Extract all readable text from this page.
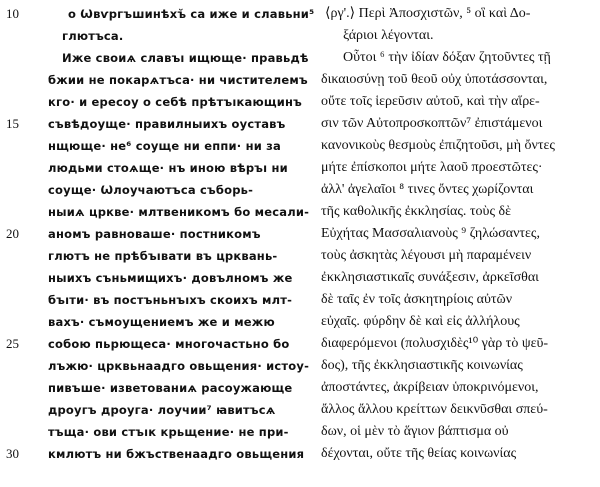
10	о Ѡвѵргъшинѣхъ̆ са иже и славьни⁵
глютъса.
Иже своиѧ славъı ищюще· правьдѣ
бжии не покарѧтъса· ни чистителемъ
кго· и ересоу о себѣ прѣтъıкающинъ
15	съвѣдоуще· правилныихъ оуставъ
нщюще· не⁶ соуще ни еппи· ни за
людьми стоѧще· нъ иною вѣръı ни
соуще· Ѡлоучаютъса съборь-
ныиѧ цркве· млтвеникомъ бо месали-
20	аномъ равноваше· постникомъ
глютъ не прѣбъıвати въ црквань-
ныихъ съньмищихъ· довълномъ же
бъıти· въ постъньнъıхъ скоихъ млт-
вахъ· съмоущениемъ же и межю
25	собою пьрющеса· многочастьно бо
лъжю· црквьнаадго овьщения· истоу-
пивъше· изветованиѧ расоужающе
дроугъ дроуга· лоучии⁷ ꙗвитъсѧ
тъща· ови стъıк крьщение· не при-
30	кмлютъ ни бжъственаадго овьщения
⟨ργ'.⟩ Περὶ Ἀποσχιστῶν, ⁵ οἳ καὶ Δο-
ξάριοι λέγονται.
Οὗτοι ⁶ τὴν ἰδίαν δόξαν ζητοῦντες τῇ
δικαιοσύνῃ τοῦ θεοῦ οὐχ ὑποτάσσονται,
οὔτε τοῖς ἱερεῦσιν αὐτοῦ, καὶ τὴν αἵρε-
σιν τῶν Αὐτοπροσκοπτῶν⁷ ἐπιστάμενοι
κανονικοὺς θεσμοὺς ἐπιζητοῦσι, μὴ ὄντες
μήτε ἐπίσκοποι μήτε λαοῦ προεστῶτες·
ἀλλ' ἀγελαῖοι ⁸ τινες ὄντες χωρίζονται
τῆς καθολικῆς ἐκκλησίας. τοὺς δὲ
Εὐχήτας Μασσαλιανοὺς ⁹ ζηλώσαντες,
τοὺς ἀσκητὰς λέγουσι μὴ παραμένειν
ἐκκλησιαστικαῖς συνάξεσιν, ἀρκεῖσθαι
δὲ ταῖς ἐν τοῖς ἀσκητηρίοις αὐτῶν
εὐχαῖς. φύρδην δὲ καὶ εἰς ἀλλήλους
διαφερόμενοι (πολυσχιδὲς¹⁰ γὰρ τὸ ψεῦ-
δος), τῆς ἐκκλησιαστικῆς κοινωνίας
ἀποστάντες, ἀκρίβειαν ὑποκρινόμενοι,
ἄλλος ἄλλου κρείττων δεικνῦσθαι σπεύ-
δων, οἱ μὲν τὸ ἅγιον βάπτισμα οὐ
δέχονται, οὔτε τῆς θείας κοινωνίας
